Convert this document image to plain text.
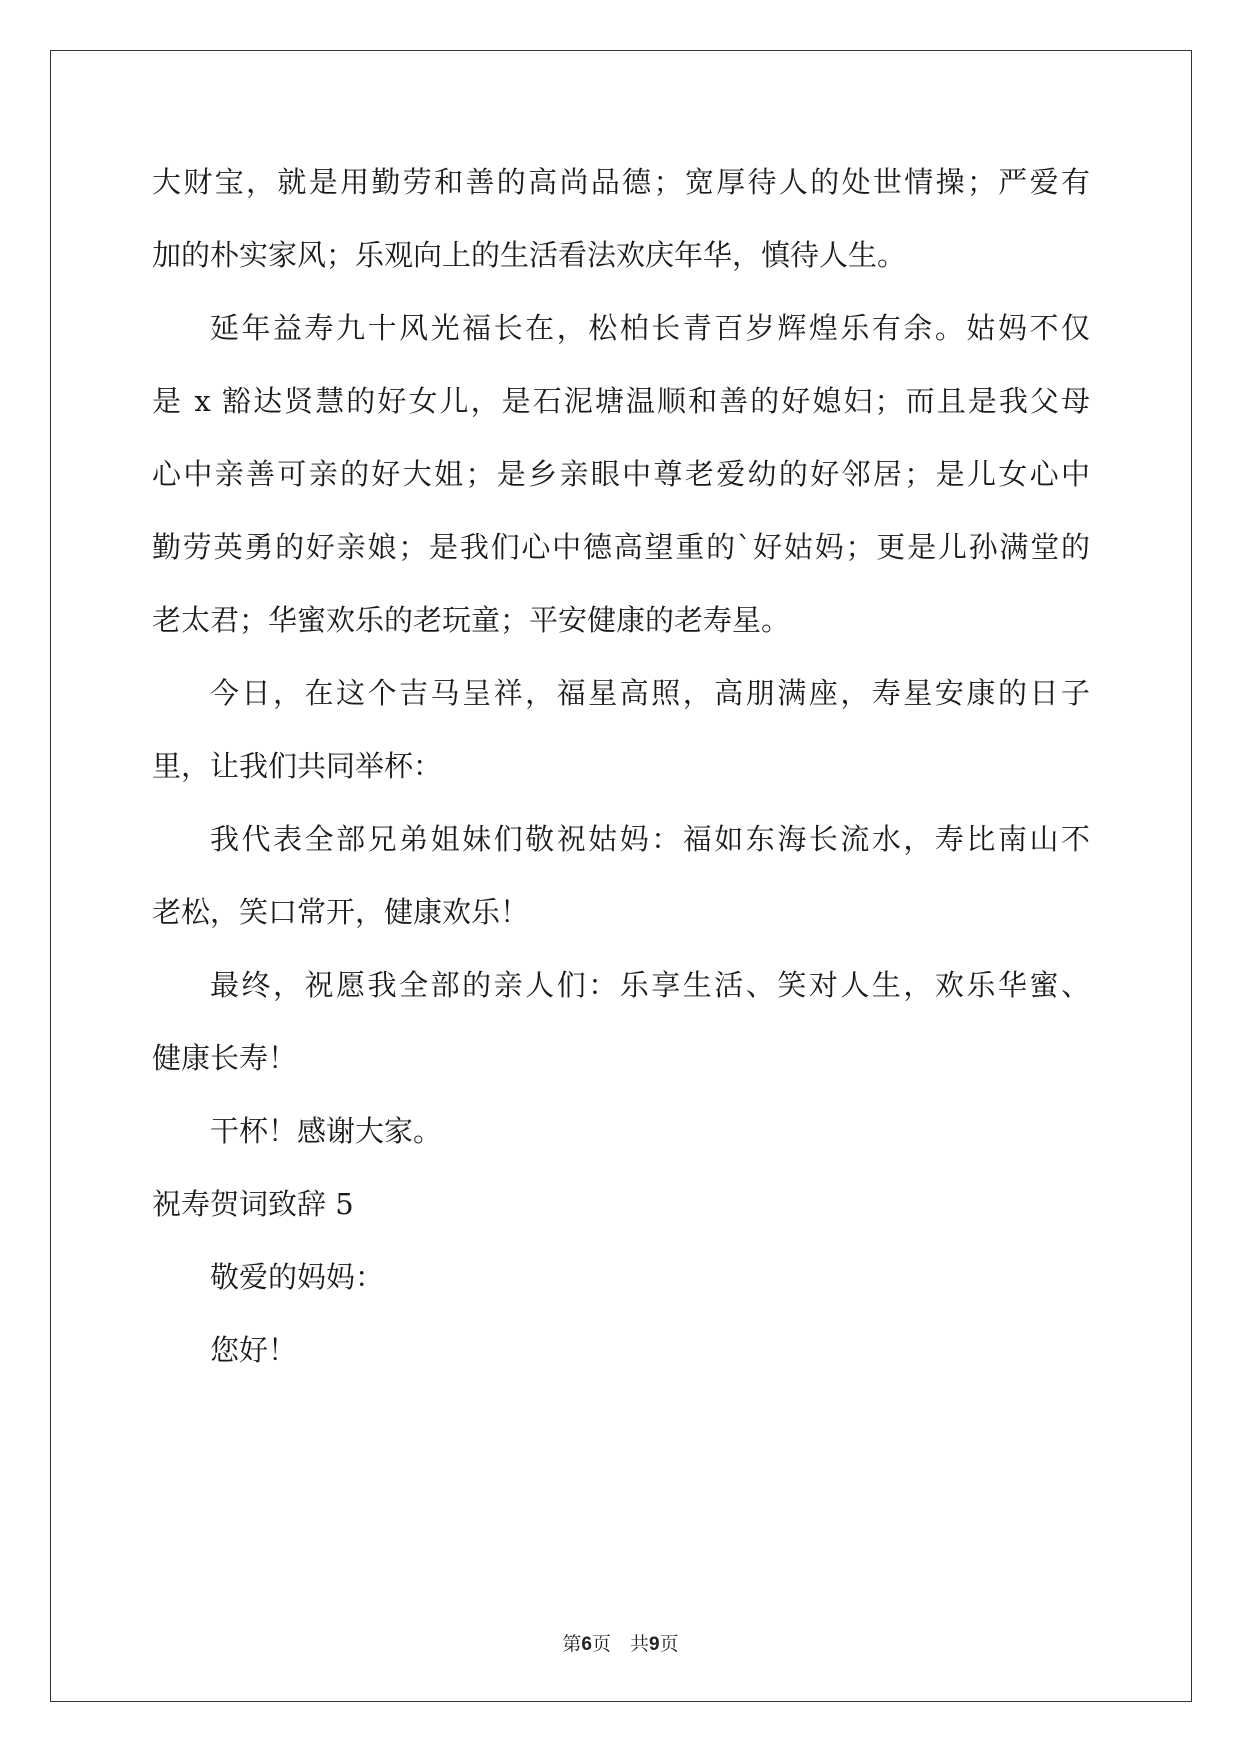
大财宝，就是用勤劳和善的高尚品德；宽厚待人的处世情操；严爱有
加的朴实家风；乐观向上的生活看法欢庆年华，慎待人生。
延年益寿九十风光福长在，松柏长青百岁辉煌乐有余。姑妈不仅
是 x 豁达贤慧的好女儿，是石泥塘温顺和善的好媳妇；而且是我父母
心中亲善可亲的好大姐；是乡亲眼中尊老爱幼的好邻居；是儿女心中
勤劳英勇的好亲娘；是我们心中德高望重的`好姑妈；更是儿孙满堂的
老太君；华蜜欢乐的老玩童；平安健康的老寿星。
今日，在这个吉马呈祥，福星高照，高朋满座，寿星安康的日子
里，让我们共同举杯：
我代表全部兄弟姐妹们敬祝姑妈：福如东海长流水，寿比南山不
老松，笑口常开，健康欢乐！
最终，祝愿我全部的亲人们：乐享生活、笑对人生，欢乐华蜜、
健康长寿！
干杯！感谢大家。
祝寿贺词致辞 5
敬爱的妈妈：
您好！
第6页　共9页
